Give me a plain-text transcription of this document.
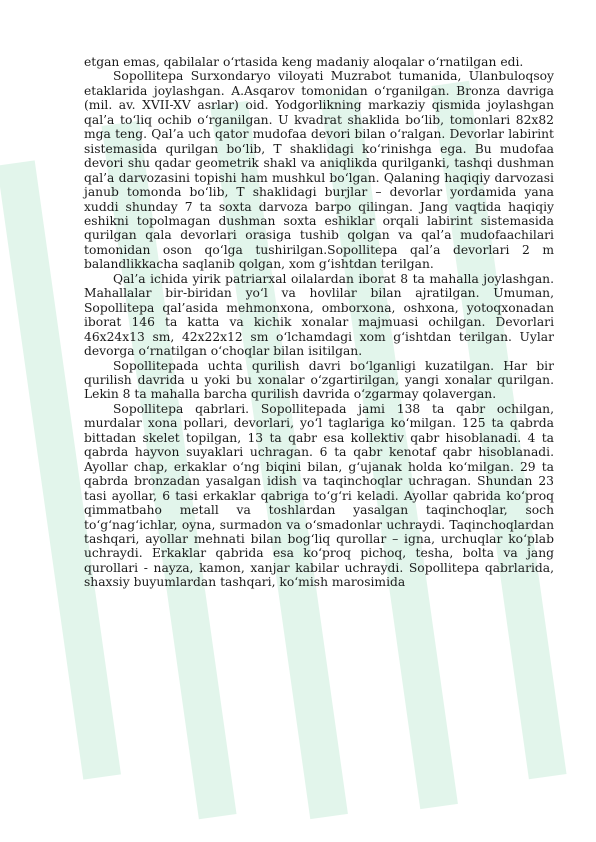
etgan emas, qabilalar o‘rtasida keng madaniy aloqalar o‘rnatilgan edi.

Sopollitepa Surxondaryo viloyati Muzrabot tumanida, Ulanbuloqsoy etaklarida joylashgan. A.Asqarov tomonidan o‘rganilgan. Bronza davriga (mil. av. XVII-XV asrlar) oid. Yodgorlikning markaziy qismida joylashgan qal’a to‘liq ochib o‘rganilgan. U kvadrat shaklida bo‘lib, tomonlari 82x82 mga teng. Qal’a uch qator mudofaa devori bilan o‘ralgan. Devorlar labirint sistemasida qurilgan bo‘lib, T shaklidagi ko‘rinishga ega. Bu mudofaa devori shu qadar geometrik shakl va aniqlikda qurilganki, tashqi dushman qal’a darvozasini topishi ham mushkul bo‘lgan. Qalaning haqiqiy darvozasi janub tomonda bo‘lib, T shaklidagi burjlar – devorlar yordamida yana xuddi shunday 7 ta soxta darvoza barpo qilingan. Jang vaqtida haqiqiy eshikni topolmagan dushman soxta eshiklar orqali labirint sistemasida qurilgan qala devorlari orasiga tushib qolgan va qal’a mudofaachilari tomonidan oson qo‘lga tushirilgan.Sopollitepa qal’a devorlari 2 m balandlikkacha saqlanib qolgan, xom g‘ishtdan terilgan.

Qal’a ichida yirik patriarxal oilalardan iborat 8 ta mahalla joylashgan. Mahallalar bir-biridan yo‘l va hovlilar bilan ajratilgan. Umuman, Sopollitepa qal’asida mehmonxona, omborxona, oshxona, yotoqxonadan iborat 146 ta katta va kichik xonalar majmuasi ochilgan. Devorlari 46x24x13 sm, 42x22x12 sm o‘lchamdagi xom g‘ishtdan terilgan. Uylar devorga o‘rnatilgan o‘choqlar bilan isitilgan.

Sopollitepada uchta qurilish davri bo‘lganligi kuzatilgan. Har bir qurilish davrida u yoki bu xonalar o‘zgartirilgan, yangi xonalar qurilgan. Lekin 8 ta mahalla barcha qurilish davrida o‘zgarmay qolavergan.

Sopollitepa qabrlari. Sopollitepada jami 138 ta qabr ochilgan, murdalar xona pollari, devorlari, yo‘l taglariga ko‘milgan. 125 ta qabrda bittadan skelet topilgan, 13 ta qabr esa kollektiv qabr hisoblanadi. 4 ta qabrda hayvon suyaklari uchragan. 6 ta qabr kenotaf qabr hisoblanadi. Ayollar chap, erkaklar o‘ng biqini bilan, g‘ujanak holda ko‘milgan. 29 ta qabrda bronzadan yasalgan idish va taqinchoqlar uchragan. Shundan 23 tasi ayollar, 6 tasi erkaklar qabriga to‘g‘ri keladi. Ayollar qabrida ko‘proq qimmatbaho metall va toshlardan yasalgan taqinchoqlar, soch to‘g‘nag‘ichlar, oyna, surmadon va o‘smadonlar uchraydi. Taqinchoqlardan tashqari, ayollar mehnati bilan bog‘liq qurollar – igna, urchuqlar ko‘plab uchraydi. Erkaklar qabrida esa ko‘proq pichoq, tesha, bolta va jang qurollari - nayza, kamon, xanjar kabilar uchraydi. Sopollitepa qabrlarida, shaxsiy buyumlardan tashqari, ko‘mish marosimida
